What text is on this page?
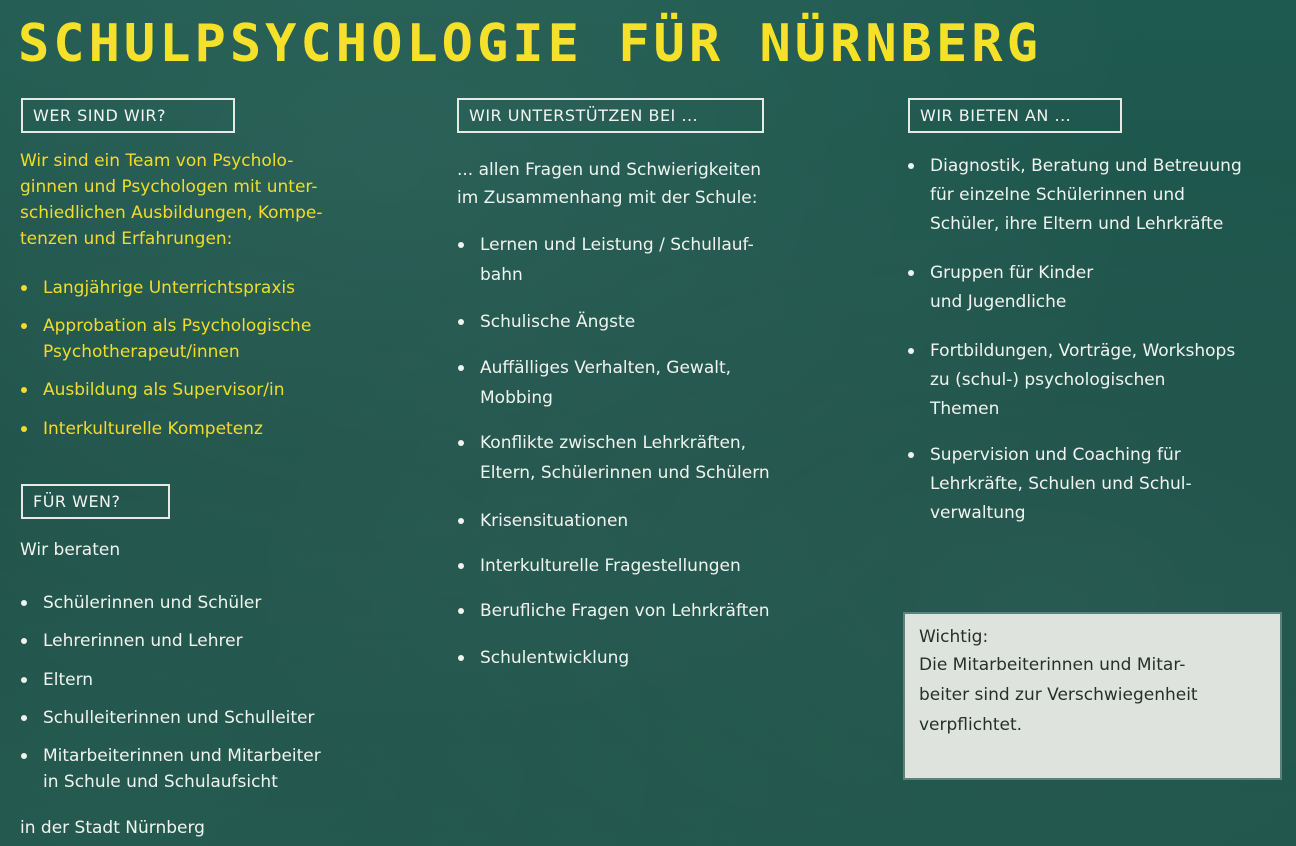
SCHULPSYCHOLOGIE FÜR NÜRNBERG
WER SIND WIR?
Wir sind ein Team von Psycholo-
ginnen und Psychologen mit unter-
schiedlichen Ausbildungen, Kompe-
tenzen und Erfahrungen:
Langjährige Unterrichtspraxis
Approbation als Psychologische
Psychotherapeut/innen
Ausbildung als Supervisor/in
Interkulturelle Kompetenz
FÜR WEN?
Wir beraten
Schülerinnen und Schüler
Lehrerinnen und Lehrer
Eltern
Schulleiterinnen und Schulleiter
Mitarbeiterinnen und Mitarbeiter
in Schule und Schulaufsicht
in der Stadt Nürnberg
WIR UNTERSTÜTZEN BEI ...
... allen Fragen und Schwierigkeiten
im Zusammenhang mit der Schule:
Lernen und Leistung / Schullauf-
bahn
Schulische Ängste
Auffälliges Verhalten, Gewalt,
Mobbing
Konflikte zwischen Lehrkräften,
Eltern, Schülerinnen und Schülern
Krisensituationen
Interkulturelle Fragestellungen
Berufliche Fragen von Lehrkräften
Schulentwicklung
WIR BIETEN AN ...
Diagnostik, Beratung und Betreuung
für einzelne Schülerinnen und
Schüler, ihre Eltern und Lehrkräfte
Gruppen für Kinder
und Jugendliche
Fortbildungen, Vorträge, Workshops
zu (schul-) psychologischen
Themen
Supervision und Coaching für
Lehrkräfte, Schulen und Schul-
verwaltung
Wichtig:
Die Mitarbeiterinnen und Mitar-
beiter sind zur Verschwiegenheit
verpflichtet.
